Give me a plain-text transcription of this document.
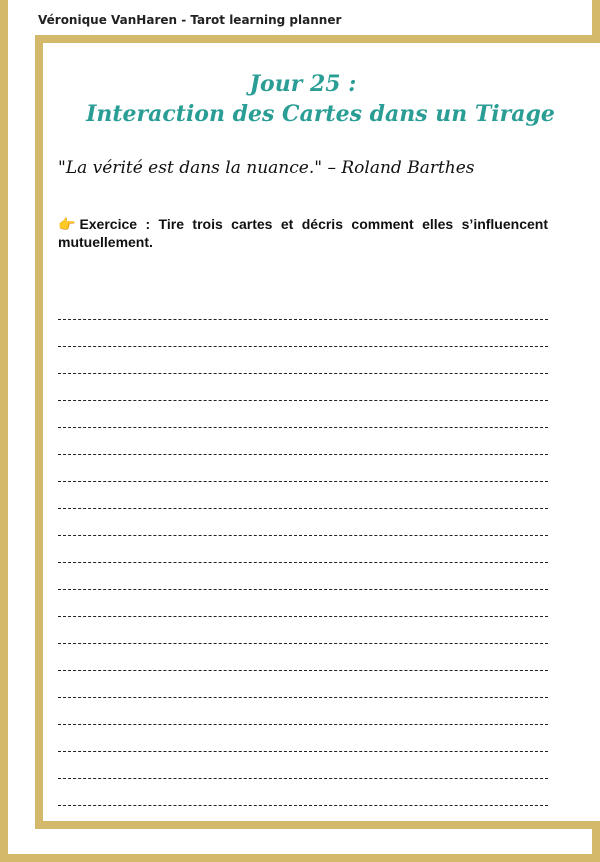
Véronique VanHaren - Tarot learning planner
Jour 25 :
Interaction des Cartes dans un Tirage
"La vérité est dans la nuance." – Roland Barthes
👉 Exercice : Tire trois cartes et décris comment elles s’influencent mutuellement.
